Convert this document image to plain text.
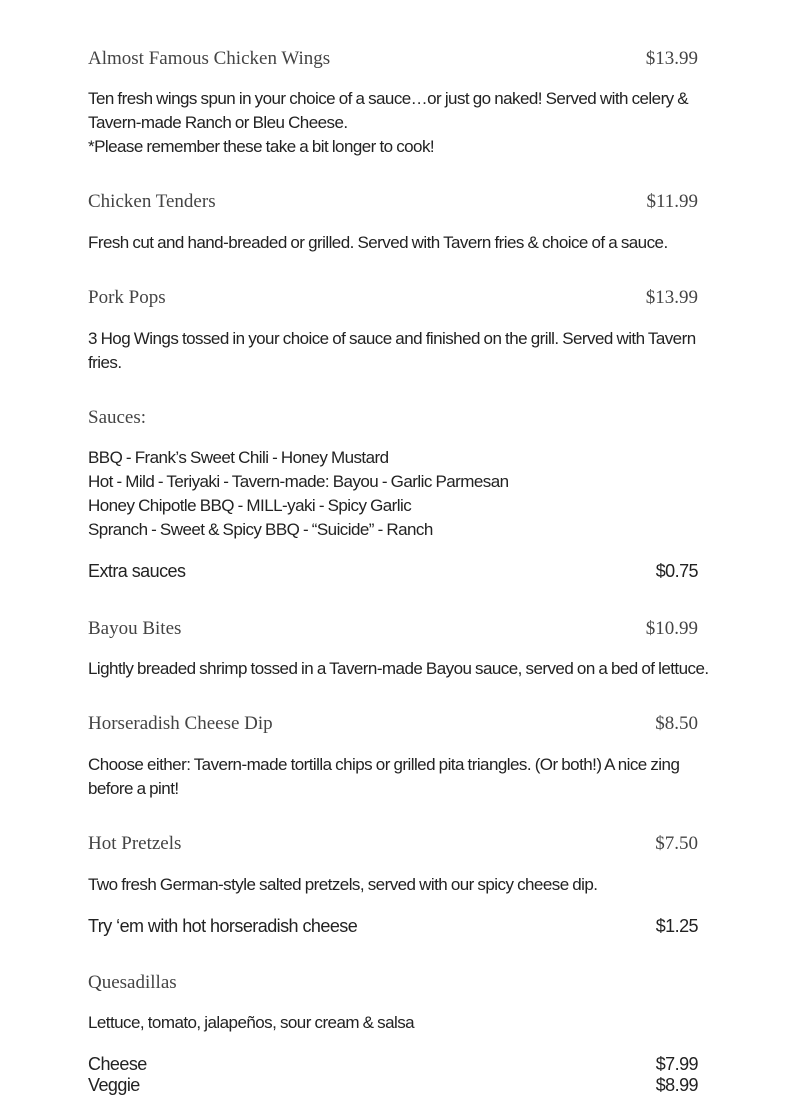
Almost Famous Chicken Wings	$13.99
Ten fresh wings spun in your choice of a sauce…or just go naked! Served with celery &
Tavern-made Ranch or Bleu Cheese.
*Please remember these take a bit longer to cook!
Chicken Tenders	$11.99
Fresh cut and hand-breaded or grilled. Served with Tavern fries & choice of a sauce.
Pork Pops	$13.99
3 Hog Wings tossed in your choice of sauce and finished on the grill. Served with Tavern
fries.
Sauces:
BBQ - Frank’s Sweet Chili - Honey Mustard
Hot - Mild - Teriyaki - Tavern-made: Bayou - Garlic Parmesan
Honey Chipotle BBQ - MILL-yaki - Spicy Garlic
Spranch - Sweet & Spicy BBQ - “Suicide” - Ranch
Extra sauces	$0.75
Bayou Bites	$10.99
Lightly breaded shrimp tossed in a Tavern-made Bayou sauce, served on a bed of lettuce.
Horseradish Cheese Dip	$8.50
Choose either: Tavern-made tortilla chips or grilled pita triangles. (Or both!) A nice zing
before a pint!
Hot Pretzels	$7.50
Two fresh German-style salted pretzels, served with our spicy cheese dip.
Try ‘em with hot horseradish cheese	$1.25
Quesadillas
Lettuce, tomato, jalapeños, sour cream & salsa
Cheese	$7.99
Veggie	$8.99
